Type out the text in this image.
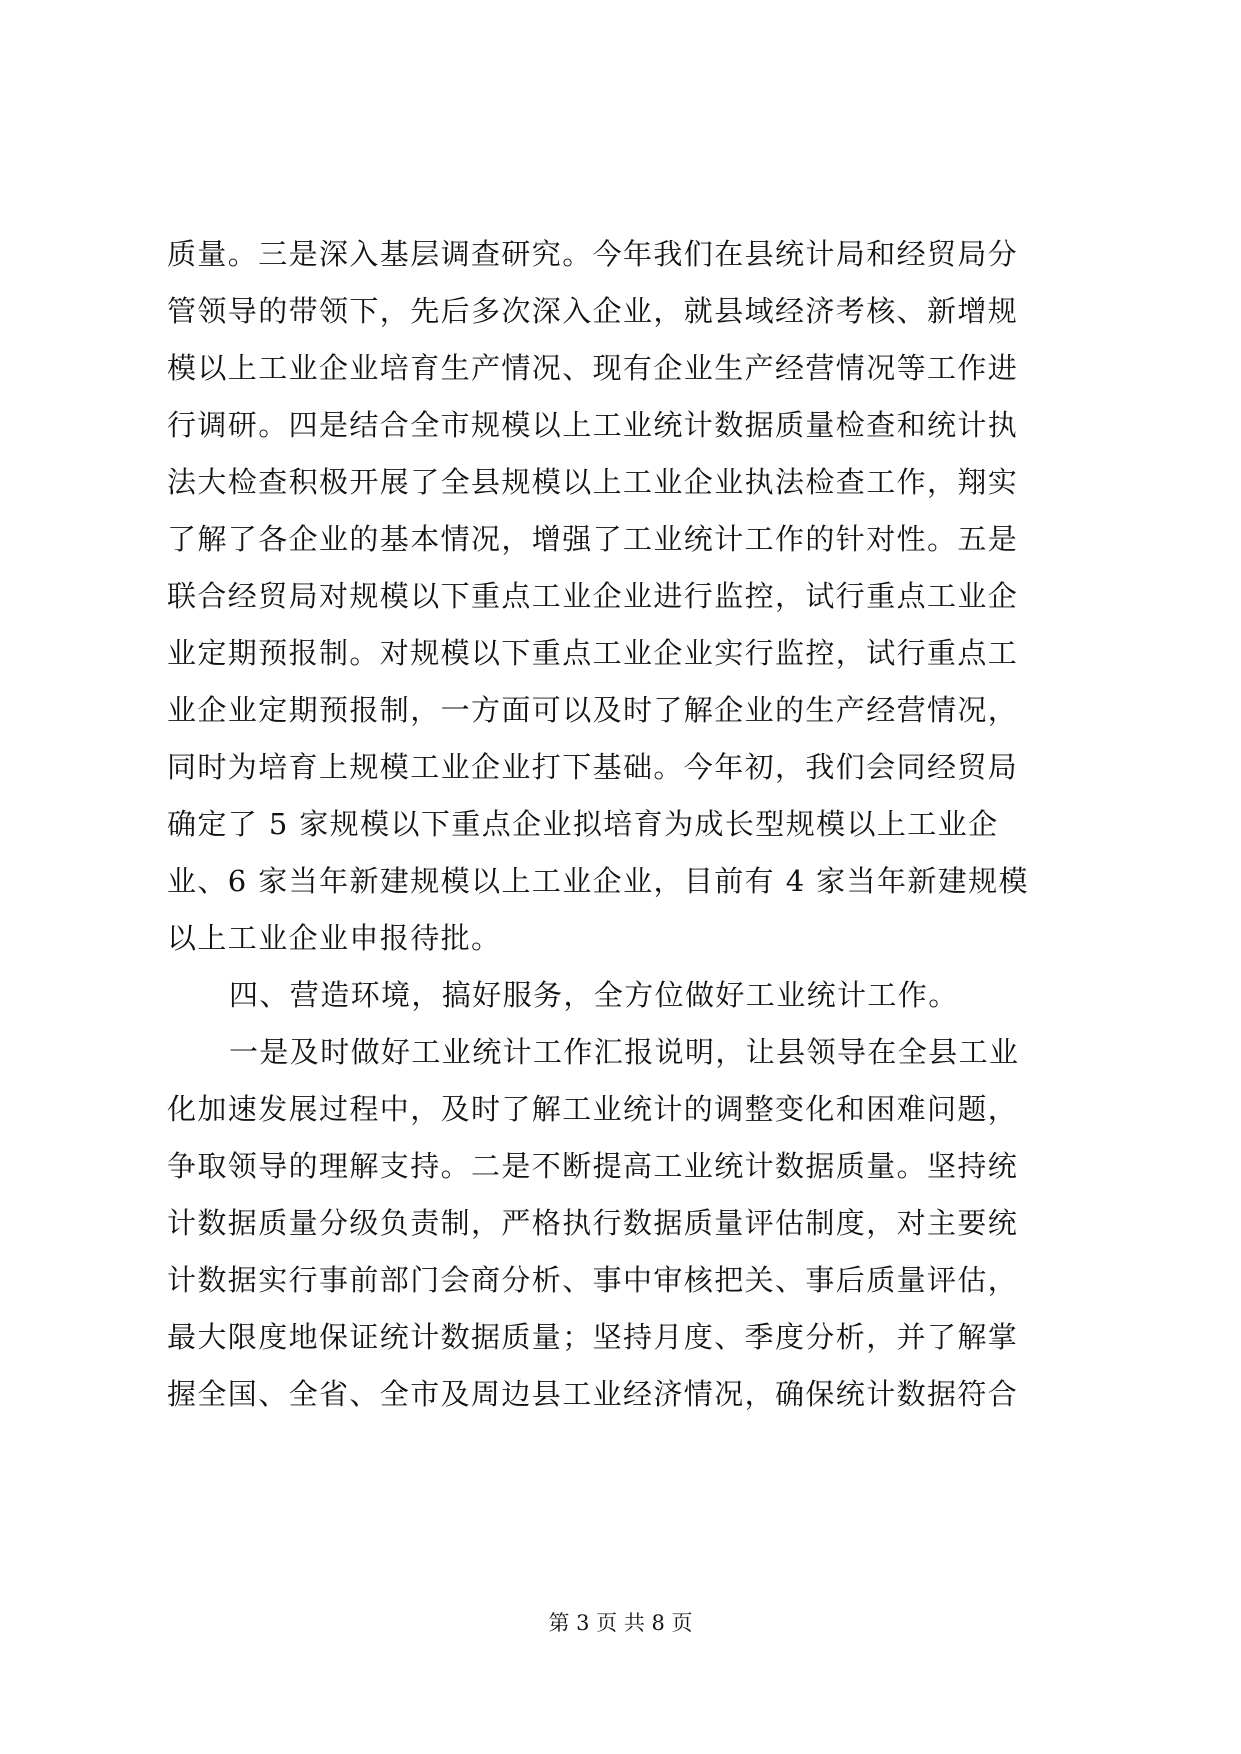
质量。三是深入基层调查研究。今年我们在县统计局和经贸局分
管领导的带领下，先后多次深入企业，就县域经济考核、新增规
模以上工业企业培育生产情况、现有企业生产经营情况等工作进
行调研。四是结合全市规模以上工业统计数据质量检查和统计执
法大检查积极开展了全县规模以上工业企业执法检查工作，翔实
了解了各企业的基本情况，增强了工业统计工作的针对性。五是
联合经贸局对规模以下重点工业企业进行监控，试行重点工业企
业定期预报制。对规模以下重点工业企业实行监控，试行重点工
业企业定期预报制，一方面可以及时了解企业的生产经营情况，
同时为培育上规模工业企业打下基础。今年初，我们会同经贸局
确定了 5 家规模以下重点企业拟培育为成长型规模以上工业企
业、6 家当年新建规模以上工业企业，目前有 4 家当年新建规模
以上工业企业申报待批。
四、营造环境，搞好服务，全方位做好工业统计工作。
一是及时做好工业统计工作汇报说明，让县领导在全县工业
化加速发展过程中，及时了解工业统计的调整变化和困难问题，
争取领导的理解支持。二是不断提高工业统计数据质量。坚持统
计数据质量分级负责制，严格执行数据质量评估制度，对主要统
计数据实行事前部门会商分析、事中审核把关、事后质量评估，
最大限度地保证统计数据质量；坚持月度、季度分析，并了解掌
握全国、全省、全市及周边县工业经济情况，确保统计数据符合
第 3 页 共 8 页
